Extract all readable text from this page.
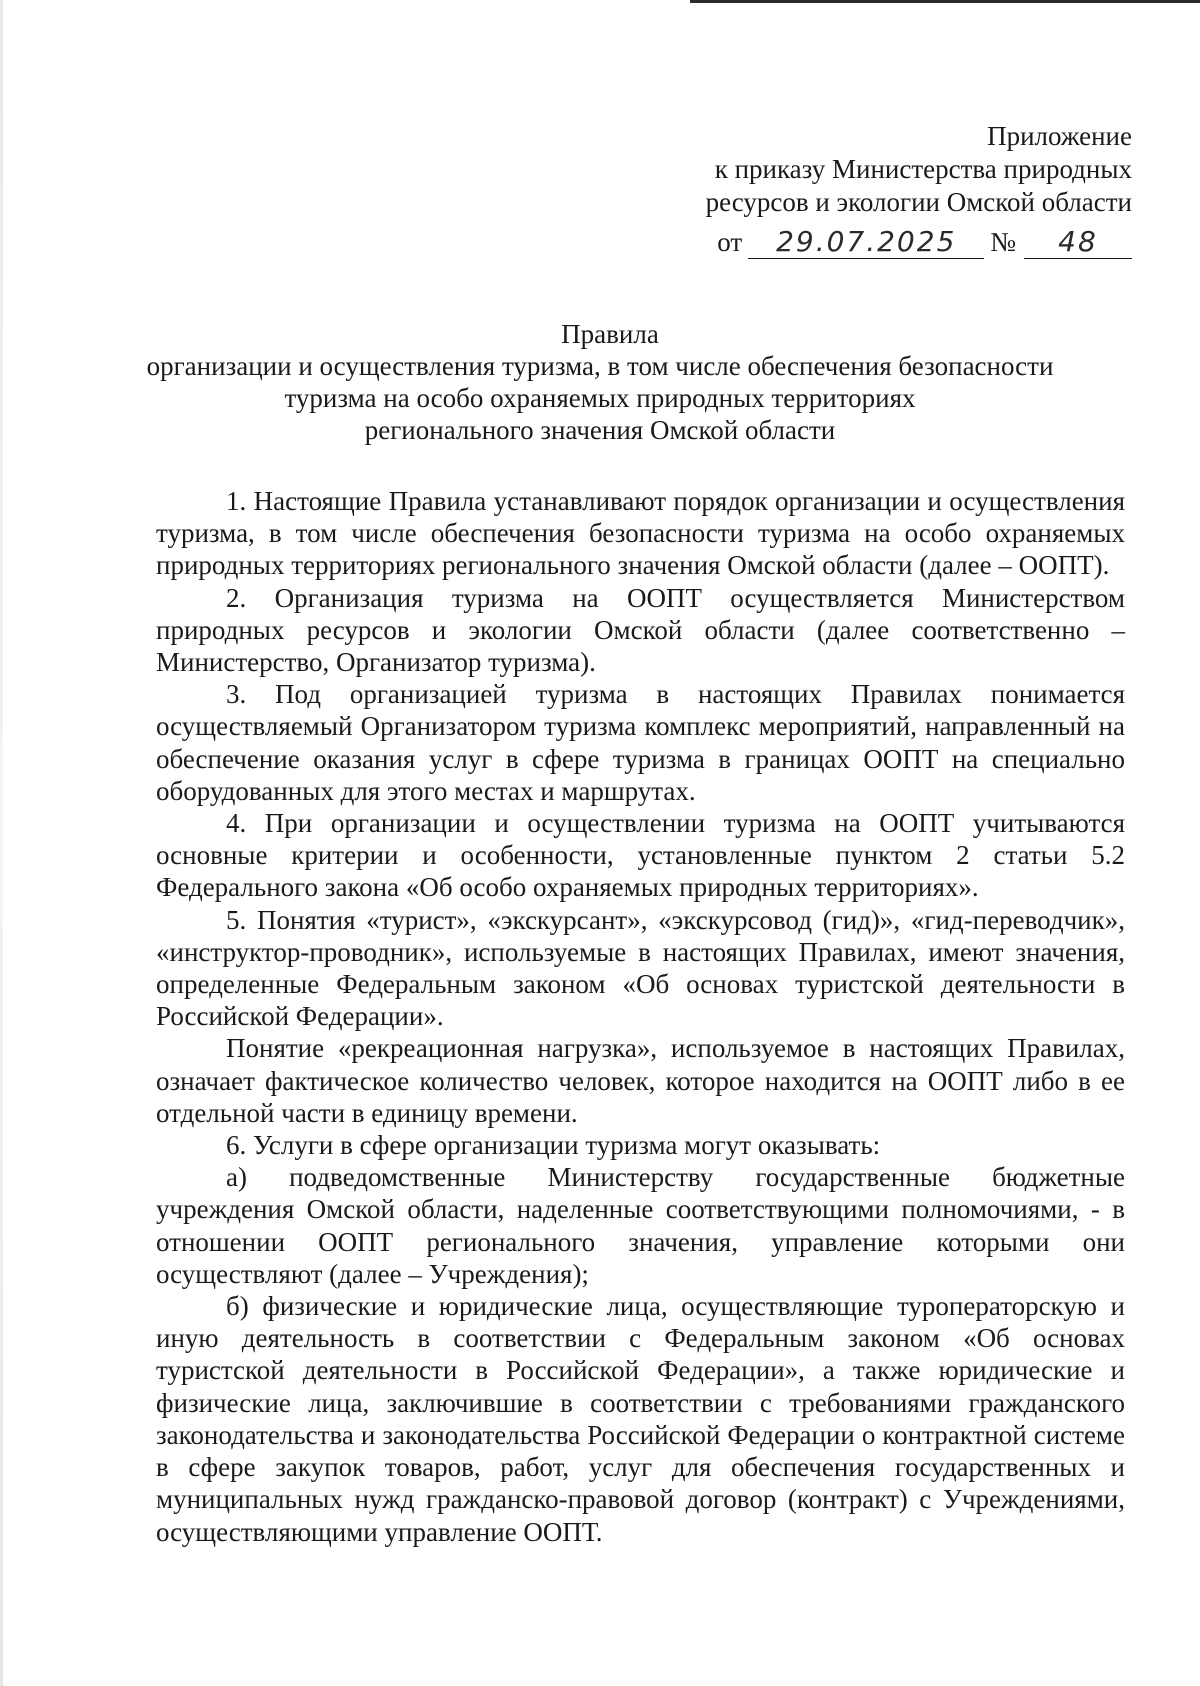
Приложение
к приказу Министерства природных
ресурсов и экологии Омской области
от	29.07.2025	№	48
Правила
организации и осуществления туризма, в том числе обеспечения безопасности
туризма на особо охраняемых природных территориях
регионального значения Омской области

1. Настоящие Правила устанавливают порядок организации и осуществления туризма, в том числе обеспечения безопасности туризма на особо охраняемых природных территориях регионального значения Омской области (далее – ООПТ).

2. Организация туризма на ООПТ осуществляется Министерством природных ресурсов и экологии Омской области (далее соответственно – Министерство, Организатор туризма).

3. Под организацией туризма в настоящих Правилах понимается осуществляемый Организатором туризма комплекс мероприятий, направленный на обеспечение оказания услуг в сфере туризма в границах ООПТ на специально оборудованных для этого местах и маршрутах.

4. При организации и осуществлении туризма на ООПТ учитываются основные критерии и особенности, установленные пунктом 2 статьи 5.2 Федерального закона «Об особо охраняемых природных территориях».

5. Понятия «турист», «экскурсант», «экскурсовод (гид)», «гид-переводчик», «инструктор-проводник», используемые в настоящих Правилах, имеют значения, определенные Федеральным законом «Об основах туристской деятельности в Российской Федерации».

Понятие «рекреационная нагрузка», используемое в настоящих Правилах, означает фактическое количество человек, которое находится на ООПТ либо в ее отдельной части в единицу времени.

6. Услуги в сфере организации туризма могут оказывать:

а) подведомственные Министерству государственные бюджетные учреждения Омской области, наделенные соответствующими полномочиями, - в отношении ООПТ регионального значения, управление которыми они осуществляют (далее – Учреждения);

б) физические и юридические лица, осуществляющие туроператорскую и иную деятельность в соответствии с Федеральным законом «Об основах туристской деятельности в Российской Федерации», а также юридические и физические лица, заключившие в соответствии с требованиями гражданского законодательства и законодательства Российской Федерации о контрактной системе в сфере закупок товаров, работ, услуг для обеспечения государственных и муниципальных нужд гражданско-правовой договор (контракт) с Учреждениями, осуществляющими управление ООПТ.
